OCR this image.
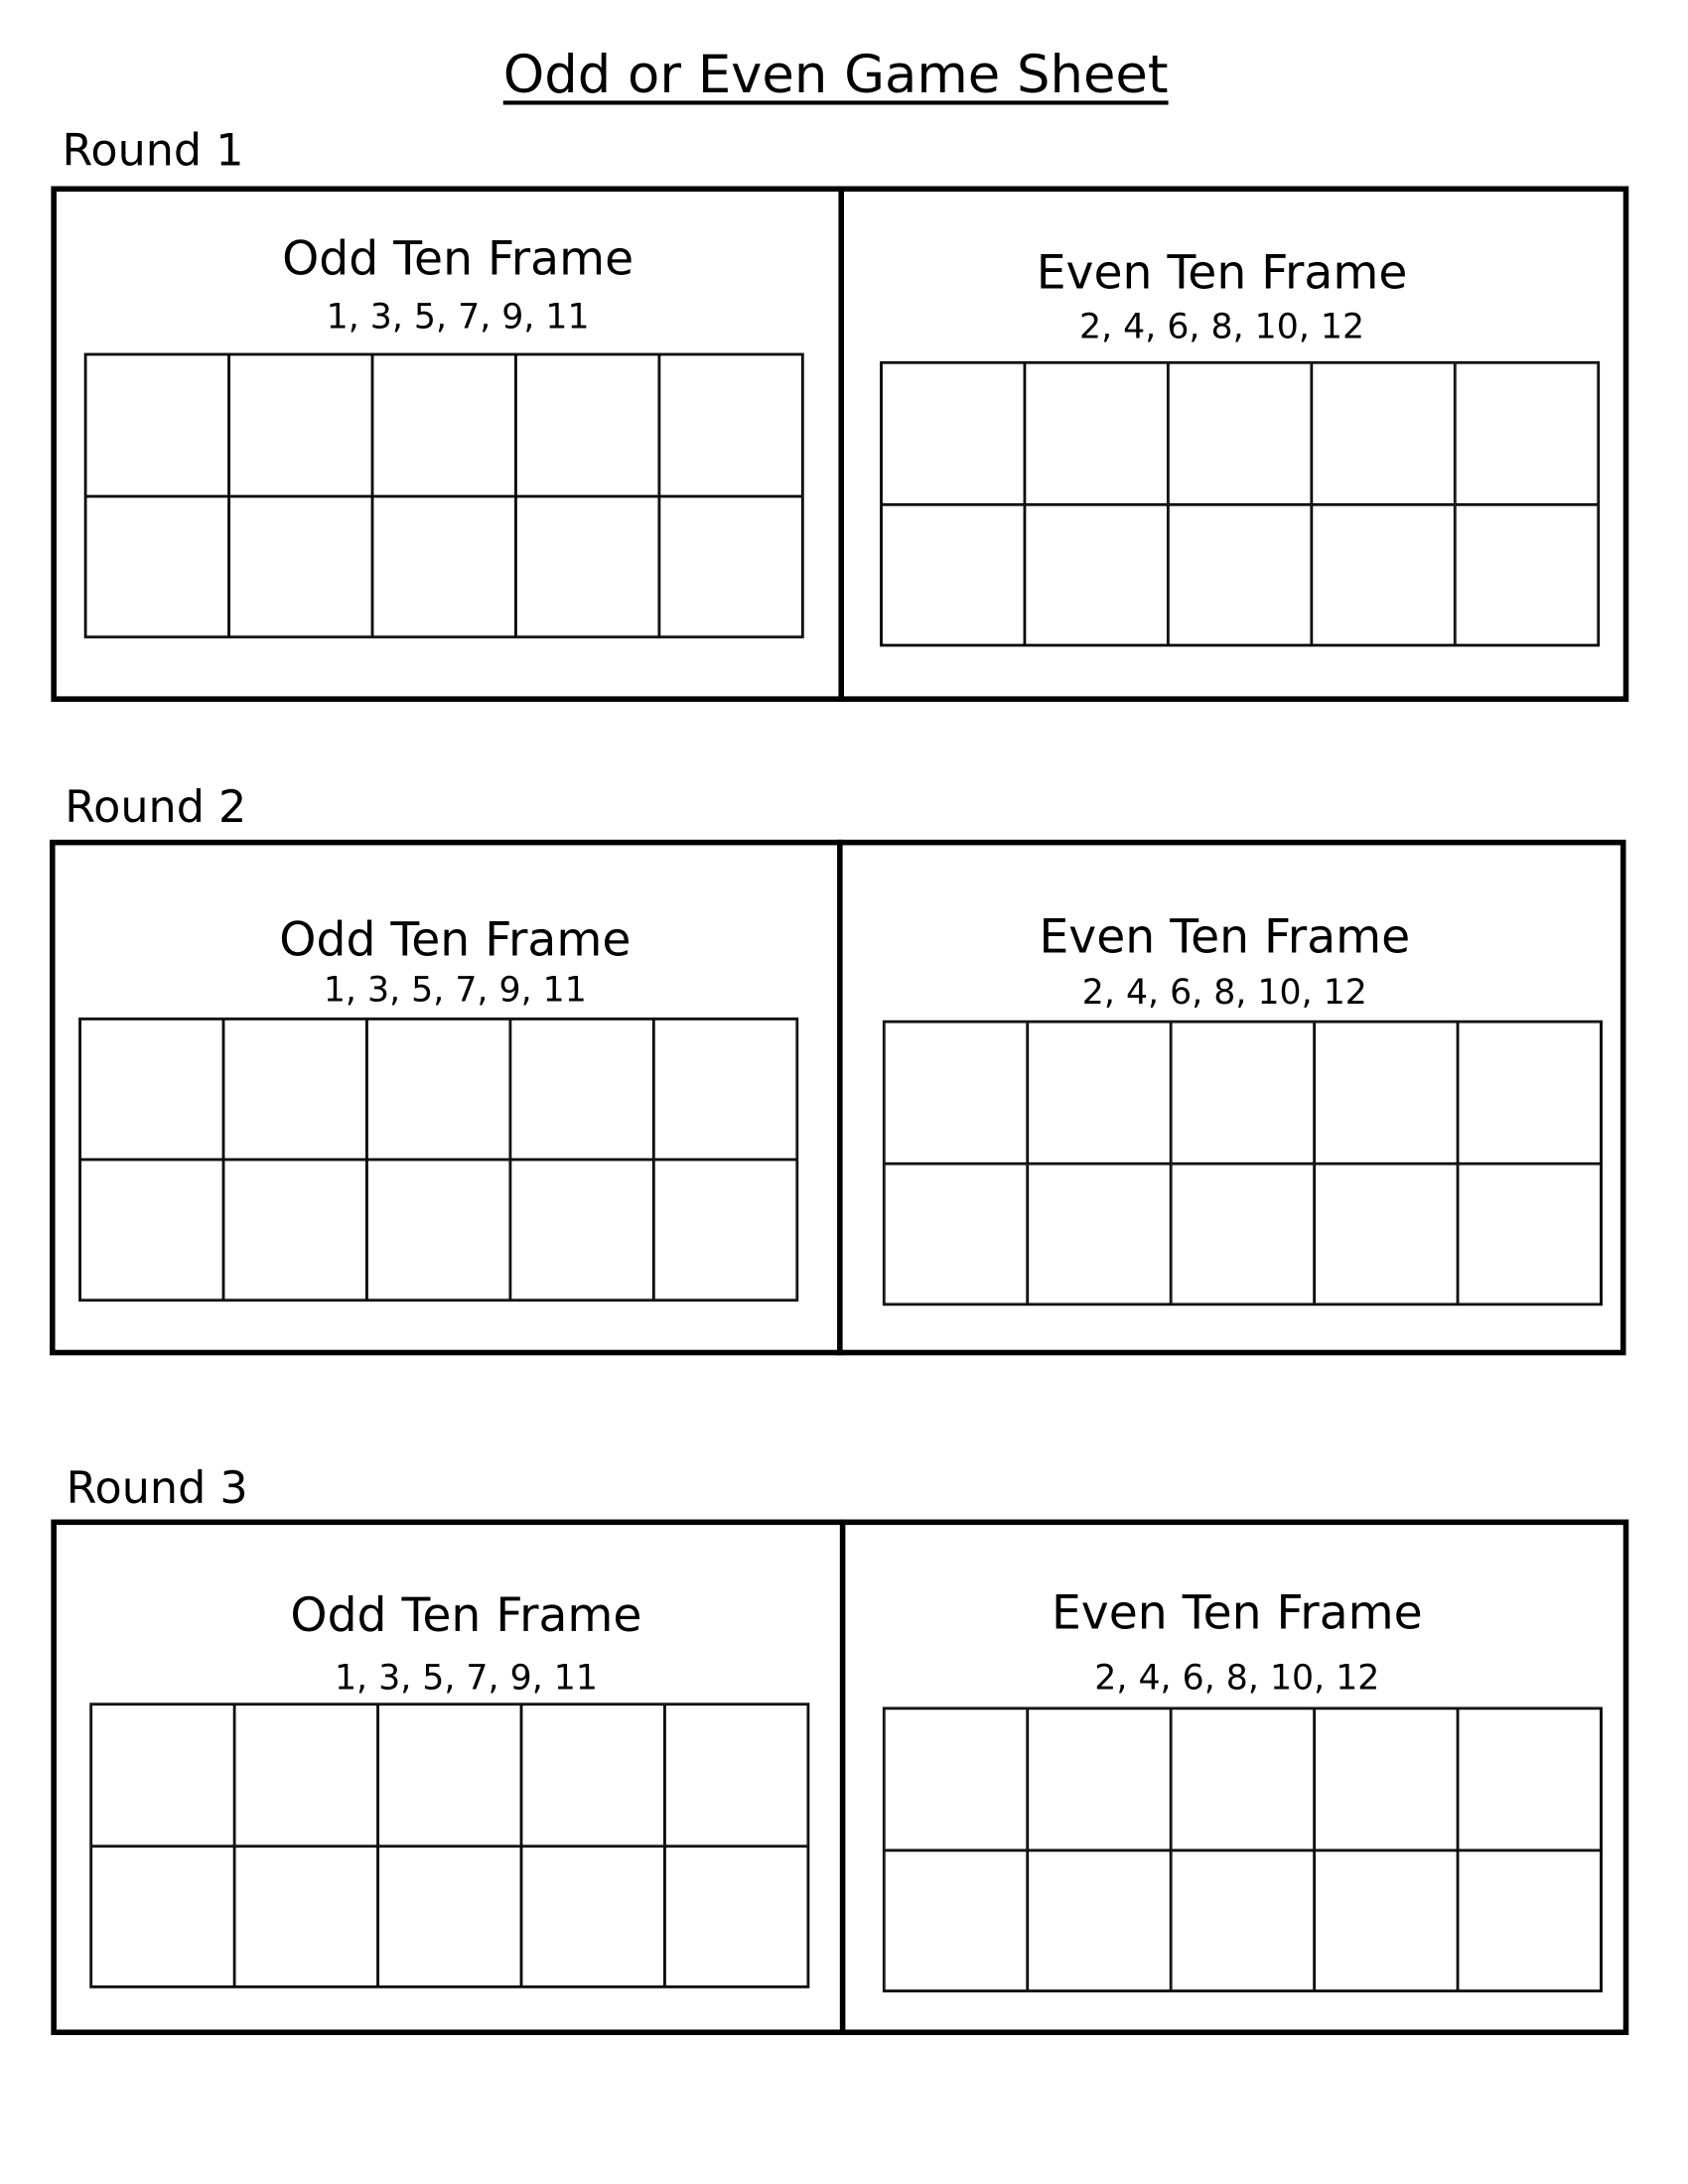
Odd or Even Game Sheet
Round 1
Odd Ten Frame
1, 3, 5, 7, 9, 11
Even Ten Frame
2, 4, 6, 8, 10, 12
Round 2
Odd Ten Frame
1, 3, 5, 7, 9, 11
Even Ten Frame
2, 4, 6, 8, 10, 12
Round 3
Odd Ten Frame
1, 3, 5, 7, 9, 11
Even Ten Frame
2, 4, 6, 8, 10, 12
